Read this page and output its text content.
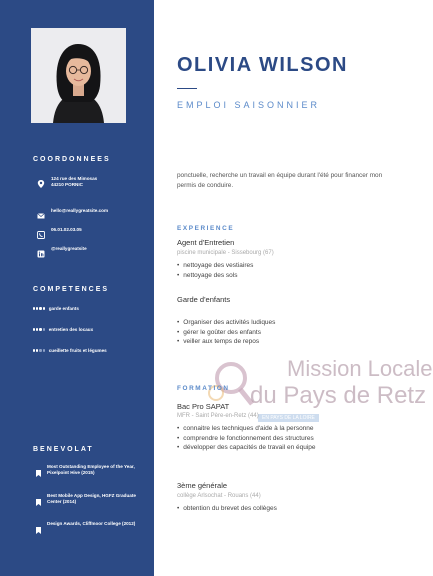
COORDONNEES
124 rue des Mimosas
44210 PORNIC
hello@reallygreatsite.com
06.01.02.03.05
@reallygreatsite
COMPETENCES
garde enfants
entretien des locaux
cueillette fruits et légumes
BENEVOLAT
Most Outstanding Employee of the Year, Pixelpoint Hive (2015)
Best Mobile App Design, HGFZ Graduate Center (2014)
Design Awards, Cliffmoor College (2012)
OLIVIA WILSON
EMPLOI SAISONNIER
ponctuelle, recherche un travail en équipe durant l'été pour financer mon permis de conduire.
EXPERIENCE
Agent d'Entretien
piscine municipale - Sissebourg (67)
• nettoyage des vestiaires
• nettoyage des sols
Garde d'enfants
• Organiser des activités ludiques
• gérer le goûter des enfants
• veiller aux temps de repos
Mission Locale
du Pays de Retz
EN PAYS DE LA LOIRE
FORMATION
Bac Pro SAPAT
MFR - Saint Père-en-Retz (44)
• connaitre les techniques d'aide à la personne
• comprendre le fonctionnement des structures
• développer des capacités de travail en équipe
3ème générale
collège Arlsochat - Rouans (44)
• obtention du brevet des collèges
